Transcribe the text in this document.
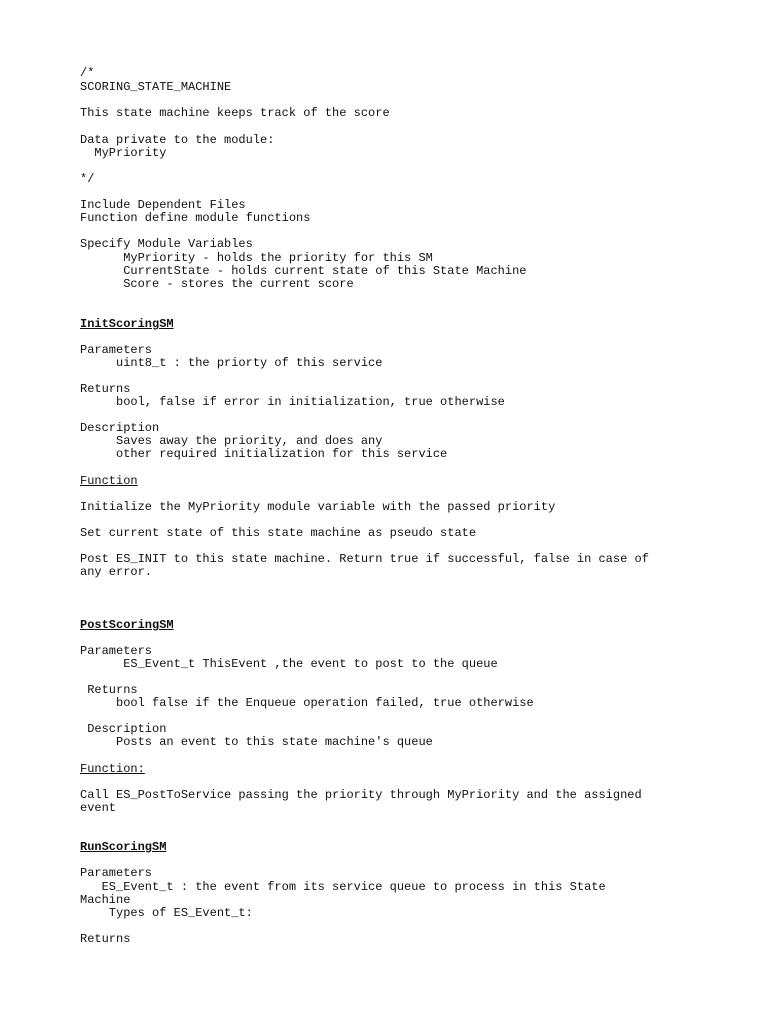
/*
SCORING_STATE_MACHINE
This state machine keeps track of the score
Data private to the module:
MyPriority
*/
Include Dependent Files
Function define module functions
Specify Module Variables
MyPriority - holds the priority for this SM
CurrentState - holds current state of this State Machine
Score - stores the current score
InitScoringSM
Parameters
uint8_t : the priorty of this service
Returns
bool, false if error in initialization, true otherwise
Description
Saves away the priority, and does any
other required initialization for this service
Function
Initialize the MyPriority module variable with the passed priority
Set current state of this state machine as pseudo state
Post ES_INIT to this state machine. Return true if successful, false in case of
any error.
PostScoringSM
Parameters
ES_Event_t ThisEvent ,the event to post to the queue
Returns
bool false if the Enqueue operation failed, true otherwise
Description
Posts an event to this state machine's queue
Function:
Call ES_PostToService passing the priority through MyPriority and the assigned
event
RunScoringSM
Parameters
ES_Event_t : the event from its service queue to process in this State
Machine
Types of ES_Event_t:
Returns
